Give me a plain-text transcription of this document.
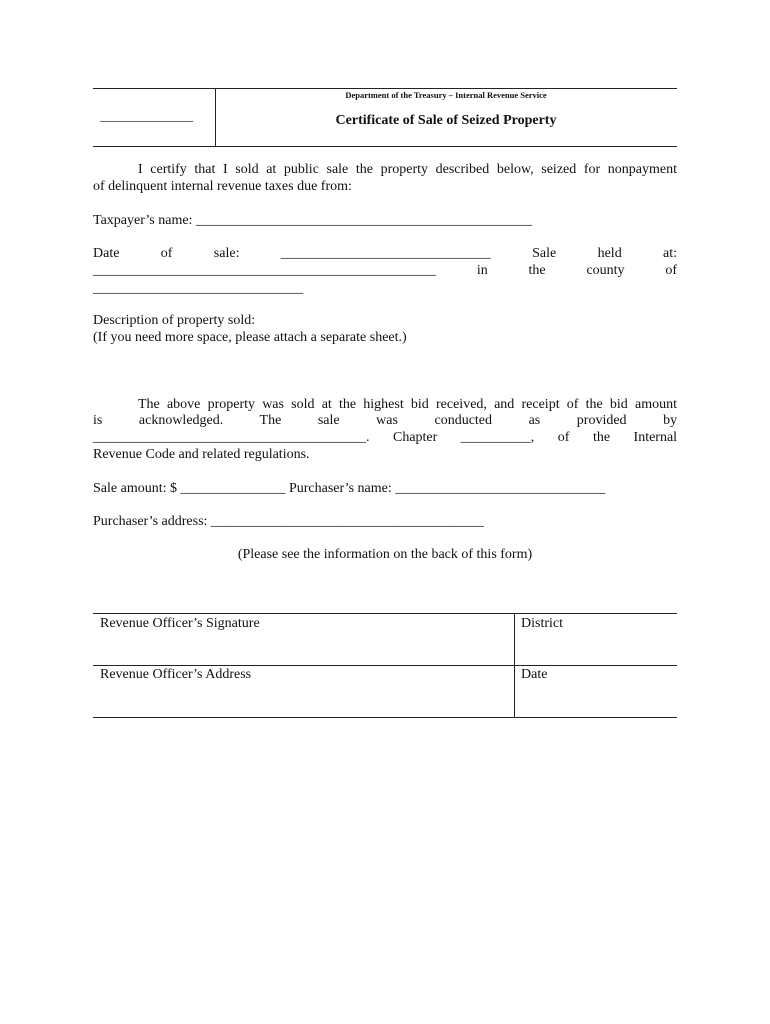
_______________
Department of the Treasury – Internal Revenue Service
Certificate of Sale of Seized Property
I certify that I sold at public sale the property described below, seized for nonpayment
of delinquent internal revenue taxes due from:
Taxpayer’s name: ________________________________________________
Date	of	sale:	______________________________	Sale	held	at:
_________________________________________________	in	the	county	of
______________________________
Description of property sold:
(If you need more space, please attach a separate sheet.)
The above property was sold at the highest bid received, and receipt of the bid amount
is	acknowledged.	The	sale	was	conducted	as	provided	by
_______________________________________. Chapter __________, of the Internal
Revenue Code and related regulations.
Sale amount: $ _______________ Purchaser’s name: ______________________________
Purchaser’s address: _______________________________________
(Please see the information on the back of this form)
Revenue Officer’s Signature	District
Revenue Officer’s Address	Date
